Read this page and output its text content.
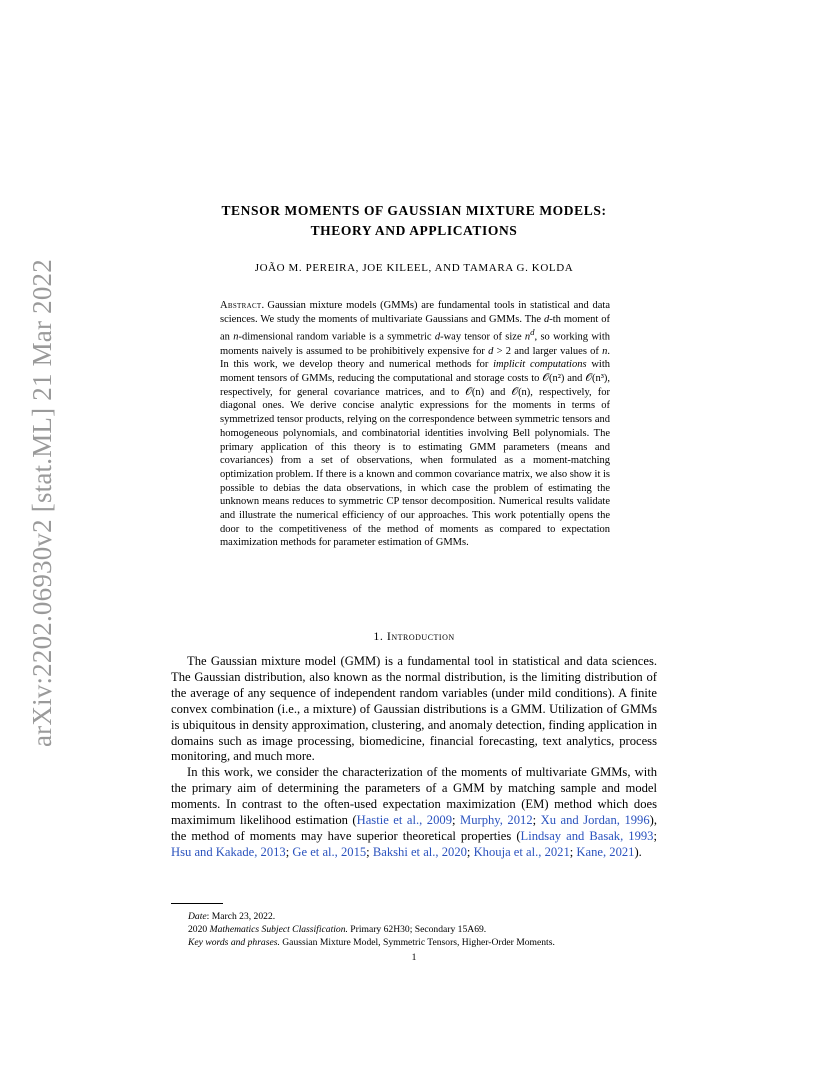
arXiv:2202.06930v2 [stat.ML] 21 Mar 2022
TENSOR MOMENTS OF GAUSSIAN MIXTURE MODELS:
THEORY AND APPLICATIONS
JOÃO M. PEREIRA, JOE KILEEL, AND TAMARA G. KOLDA
Abstract. Gaussian mixture models (GMMs) are fundamental tools in statistical and data sciences. We study the moments of multivariate Gaussians and GMMs. The d-th moment of an n-dimensional random variable is a symmetric d-way tensor of size $n^d$, so working with moments naively is assumed to be prohibitively expensive for d > 2 and larger values of n. In this work, we develop theory and numerical methods for implicit computations with moment tensors of GMMs, reducing the computational and storage costs to 𝒪(n²) and 𝒪(n³), respectively, for general covariance matrices, and to 𝒪(n) and 𝒪(n), respectively, for diagonal ones. We derive concise analytic expressions for the moments in terms of symmetrized tensor products, relying on the correspondence between symmetric tensors and homogeneous polynomials, and combinatorial identities involving Bell polynomials. The primary application of this theory is to estimating GMM parameters (means and covariances) from a set of observations, when formulated as a moment-matching optimization problem. If there is a known and common covariance matrix, we also show it is possible to debias the data observations, in which case the problem of estimating the unknown means reduces to symmetric CP tensor decomposition. Numerical results validate and illustrate the numerical efficiency of our approaches. This work potentially opens the door to the competitiveness of the method of moments as compared to expectation maximization methods for parameter estimation of GMMs.
1. Introduction

The Gaussian mixture model (GMM) is a fundamental tool in statistical and data sciences. The Gaussian distribution, also known as the normal distribution, is the limiting distribution of the average of any sequence of independent random variables (under mild conditions). A finite convex combination (i.e., a mixture) of Gaussian distributions is a GMM. Utilization of GMMs is ubiquitous in density approximation, clustering, and anomaly detection, finding application in domains such as image processing, biomedicine, financial forecasting, text analytics, process monitoring, and much more.

In this work, we consider the characterization of the moments of multivariate GMMs, with the primary aim of determining the parameters of a GMM by matching sample and model moments. In contrast to the often-used expectation maximization (EM) method which does maximimum likelihood estimation (Hastie et al., 2009; Murphy, 2012; Xu and Jordan, 1996), the method of moments may have superior theoretical properties (Lindsay and Basak, 1993; Hsu and Kakade, 2013; Ge et al., 2015; Bakshi et al., 2020; Khouja et al., 2021; Kane, 2021).

Date: March 23, 2022.
2020 Mathematics Subject Classification. Primary 62H30; Secondary 15A69.
Key words and phrases. Gaussian Mixture Model, Symmetric Tensors, Higher-Order Moments.
1
